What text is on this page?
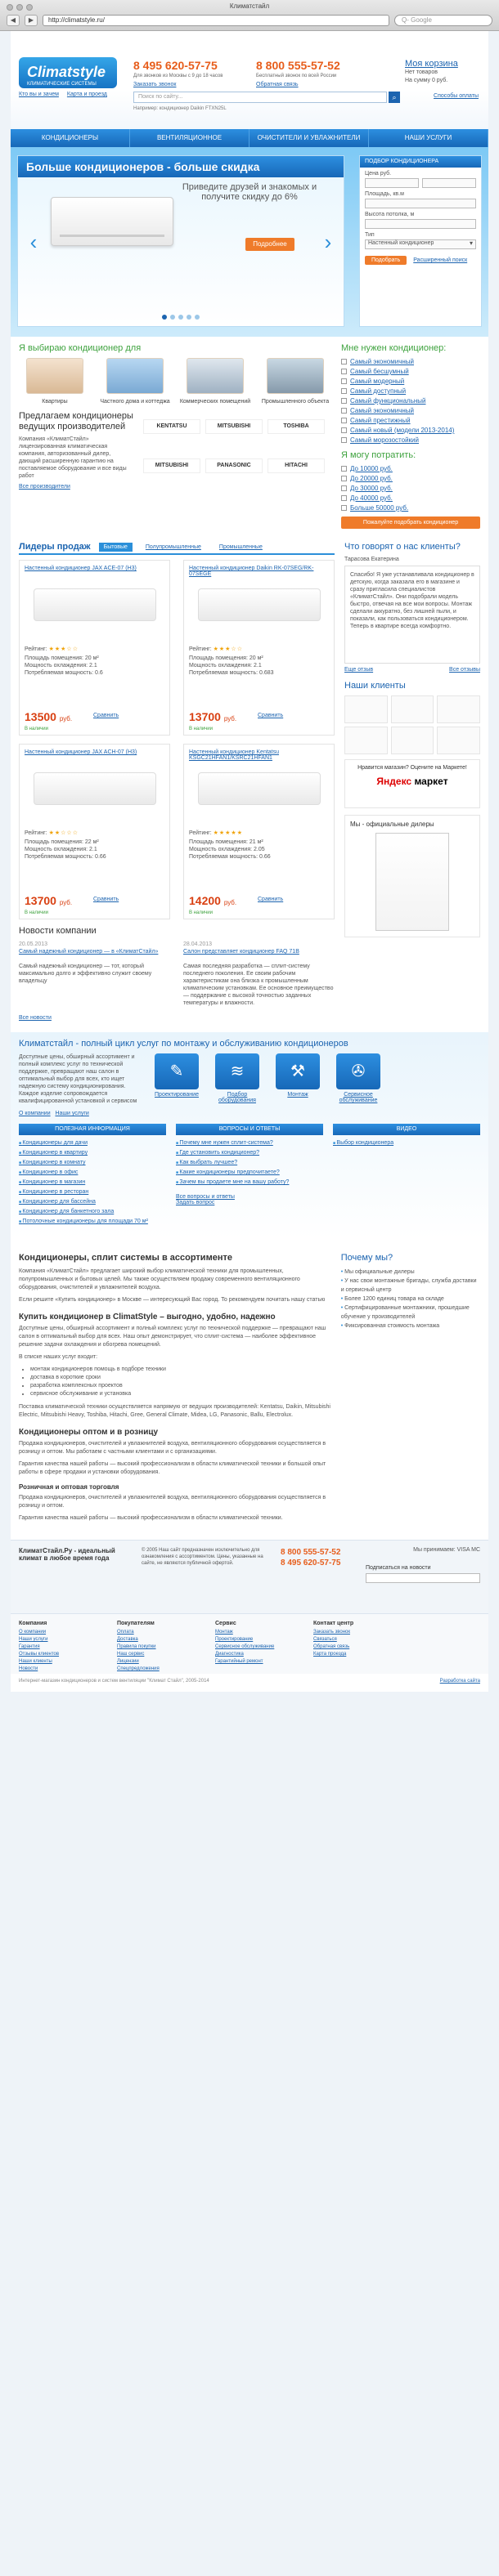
Климатстайл
◀	▶	http://climatstyle.ru/	Q- Google
Climatstyle
КЛИМАТИЧЕСКИЕ СИСТЕМЫ
Кто вы и зачем Карта и проезд
8 495 620-57-75
Для звонков из Москвы с 9 до 18 часов
Заказать звонок
8 800 555-57-52
Бесплатный звонок по всей России
Обратная связь
Моя корзина
Нет товаров
На сумму 0 руб.
Поиск по сайту...	⌕	Способы оплаты
Например: кондиционер Daikin FTXN25L
КОНДИЦИОНЕРЫ	ВЕНТИЛЯЦИОННОЕ	ОЧИСТИТЕЛИ И УВЛАЖНИТЕЛИ	НАШИ УСЛУГИ
Больше кондиционеров - больше скидка
Приведите друзей и знакомых и получите скидку до 6%
Подробнее
‹	›
ПОДБОР КОНДИЦИОНЕРА
Цена руб.
Площадь, кв.м
Высота потолка, м
Тип
Настенный кондиционер ▾
Подобрать	Расширенный поиск
Я выбираю кондиционер для
Квартиры	Частного дома и коттеджа Коммерческих помещений	Промышленного объекта
Предлагаем кондиционеры ведущих производителей

Компания «КлиматСтайл» лицензированная климатическая компания, авторизованный дилер, дающий расширенную гарантию на поставляемое оборудование и все виды работ

Все производители

KENTATSU	MITSUBISHI	TOSHIBA
MITSUBISHI	PANASONIC	HITACHI
Мне нужен кондиционер:
Самый экономичный
Самый бесшумный
Самый модерный
Самый доступный
Самый функциональный
Самый экономичный
Самый престижный
Самый новый (модели 2013-2014)
Самый морозостойкий
Я могу потратить:
До 10000 руб.
До 20000 руб.
До 30000 руб.
До 40000 руб.
Больше 50000 руб.
Пожалуйте подобрать кондиционер
Лидеры продаж	Бытовые	Полупромышленные	Промышленные
Настенный кондиционер JAX ACE-07 (H3)
Рейтинг: ★★★☆☆
Площадь помещения: 20 м²
Мощность охлаждения: 2.1
Потребляемая мощность: 0.6
13500 руб.	Сравнить
В наличии
Настенный кондиционер Daikin RK-07SEG/RK-07SEGE
Рейтинг: ★★★☆☆
Площадь помещения: 20 м²
Мощность охлаждения: 2.1
Потребляемая мощность: 0.683
13700 руб.	Сравнить
В наличии
Настенный кондиционер JAX ACH-07 (H3)
Рейтинг: ★★☆☆☆
Площадь помещения: 22 м²
Мощность охлаждения: 2.1
Потребляемая мощность: 0.66
13700 руб.	Сравнить
В наличии
Настенный кондиционер Kentatsu KSGC21HFAN1/KSRC21HFAN1
Рейтинг: ★★★★★
Площадь помещения: 21 м²
Мощность охлаждения: 2.05
Потребляемая мощность: 0.66
14200 руб.	Сравнить
В наличии
Новости компании
20.05.2013
Самый надежный кондиционер — в «КлиматСтайл»

Самый надежный кондиционер — тот, который максимально долго и эффективно служит своему владельцу
28.04.2013
Салон представляет кондиционер FAQ 71B

Самая последняя разработка — сплит-систему последнего поколения. Ее своим рабочим характеристикам она близка к промышленным климатическим установкам. Ее основное преимущество — поддержание с высокой точностью заданных температуры и влажности.

Все новости

Что говорят о нас клиенты?
Тарасова Екатерина
Спасибо! Я уже устанавливала кондиционер в детскую, когда заказала его в магазине и сразу пригласила специалистов «КлиматСтайл». Они подобрали модель быстро, отвечая на все мои вопросы. Монтаж сделали аккуратно, без лишней пыли, и показали, как пользоваться кондиционером. Теперь в квартире всегда комфортно.
Еще отзыв	Все отзывы
Наши клиенты
Нравится магазин? Оцените на Маркете!
Яндекс маркет
Мы - официальные дилеры
Климатстайл - полный цикл услуг по монтажу и обслуживанию кондиционеров

Доступные цены, обширный ассортимент и полный комплекс услуг по технической поддержке, превращают наш салон в оптимальный выбор для всех, кто ищет надежную систему кондиционирования. Каждое изделие сопровождается квалифицированной установкой и сервисом

О компании Наши услуги

✎
Проектирование
≋
Подбор оборудования
⚒
Монтаж
✇
Сервисное обслуживание
ПОЛЕЗНАЯ ИНФОРМАЦИЯ
■ Кондиционеры для дачи
■ Кондиционер в квартиру
■ Кондиционер в комнату
■ Кондиционер в офис
■ Кондиционер в магазин
■ Кондиционер в ресторан
■ Кондиционер для бассейна
■ Кондиционер для банкетного зала
■ Потолочные кондиционеры для площади 70 м²
ВОПРОСЫ И ОТВЕТЫ
■ Почему мне нужен сплит-система?
■ Где установить кондиционер?
■ Как выбрать лучшее?
■ Какие кондиционеры предпочитаете?
■ Зачем вы продаете мне на вашу работу?
Все вопросы и ответы
Задать вопрос
ВИДЕО
■ Выбор кондиционера
Кондиционеры, сплит системы в ассортименте

Компания «КлиматСтайл» предлагает широкий выбор климатической техники для промышленных, полупромышленных и бытовых целей. Мы также осуществляем продажу современного вентиляционного оборудования, очистителей и увлажнителей воздуха.

Если решите «Купить кондиционер» в Москве — интересующий Вас город. То рекомендуем почитать нашу статью

Купить кондиционер в ClimatStyle – выгодно, удобно, надежно

Доступные цены, обширный ассортимент и полный комплекс услуг по технической поддержке — превращают наш салон в оптимальный выбор для всех. Наш опыт демонстрирует, что сплит-система — наиболее эффективное решение задачи охлаждения и обогрева помещений.

В списке наших услуг входит:

• монтаж кондиционеров помощь в подборе техники
• доставка в короткие сроки
• разработка комплексных проектов
• сервисное обслуживание и установка

Поставка климатической техники осуществляется напрямую от ведущих производителей: Kentatsu, Daikin, Mitsubishi Electric, Mitsubishi Heavy, Toshiba, Hitachi, Gree, General Climate, Midea, LG, Panasonic, Ballu, Electrolux.

Кондиционеры оптом и в розницу

Продажа кондиционеров, очистителей и увлажнителей воздуха, вентиляционного оборудования осуществляется в розницу и оптом. Мы работаем с частными клиентами и с организациями.

Гарантия качества нашей работы — высокий профессионализм в области климатической техники и большой опыт работы в сфере продажи и установки оборудования.

Розничная и оптовая торговля

Продажа кондиционеров, очистителей и увлажнителей воздуха, вентиляционного оборудования осуществляется в розницу и оптом.

Гарантия качества нашей работы — высокий профессионализм в области климатической техники.

Почему мы?
• Мы официальные дилеры
• У нас свои монтажные бригады, служба доставки и сервисный центр
• Более 1200 единиц товара на складе
• Сертифицированные монтажники, прошедшие обучение у производителей
• Фиксированная стоимость монтажа
КлиматСтайл.Ру - идеальный климат в любое время года
© 2005 Наш сайт предназначен исключительно для ознакомления с ассортиментом. Цены, указанные на сайте, не являются публичной офертой.
8 800 555-57-52
8 495 620-57-75
Мы принимаем: VISA MC
Подписаться на новости
Компания
О компании
Наши услуги
Гарантия
Отзывы клиентов
Наши клиенты
Новости
Покупателям
Оплата
Доставка
Правила покупки
Наш сервис
Лицензии
Спецпредложения
Сервис
Монтаж
Проектирование
Сервисное обслуживание
Диагностика
Гарантийный ремонт
Контакт центр
Заказать звонок
Связаться
Обратная связь
Карта проезда
Интернет-магазин кондиционеров и систем вентиляции "Климат Стайл", 2005-2014	Разработка сайта
